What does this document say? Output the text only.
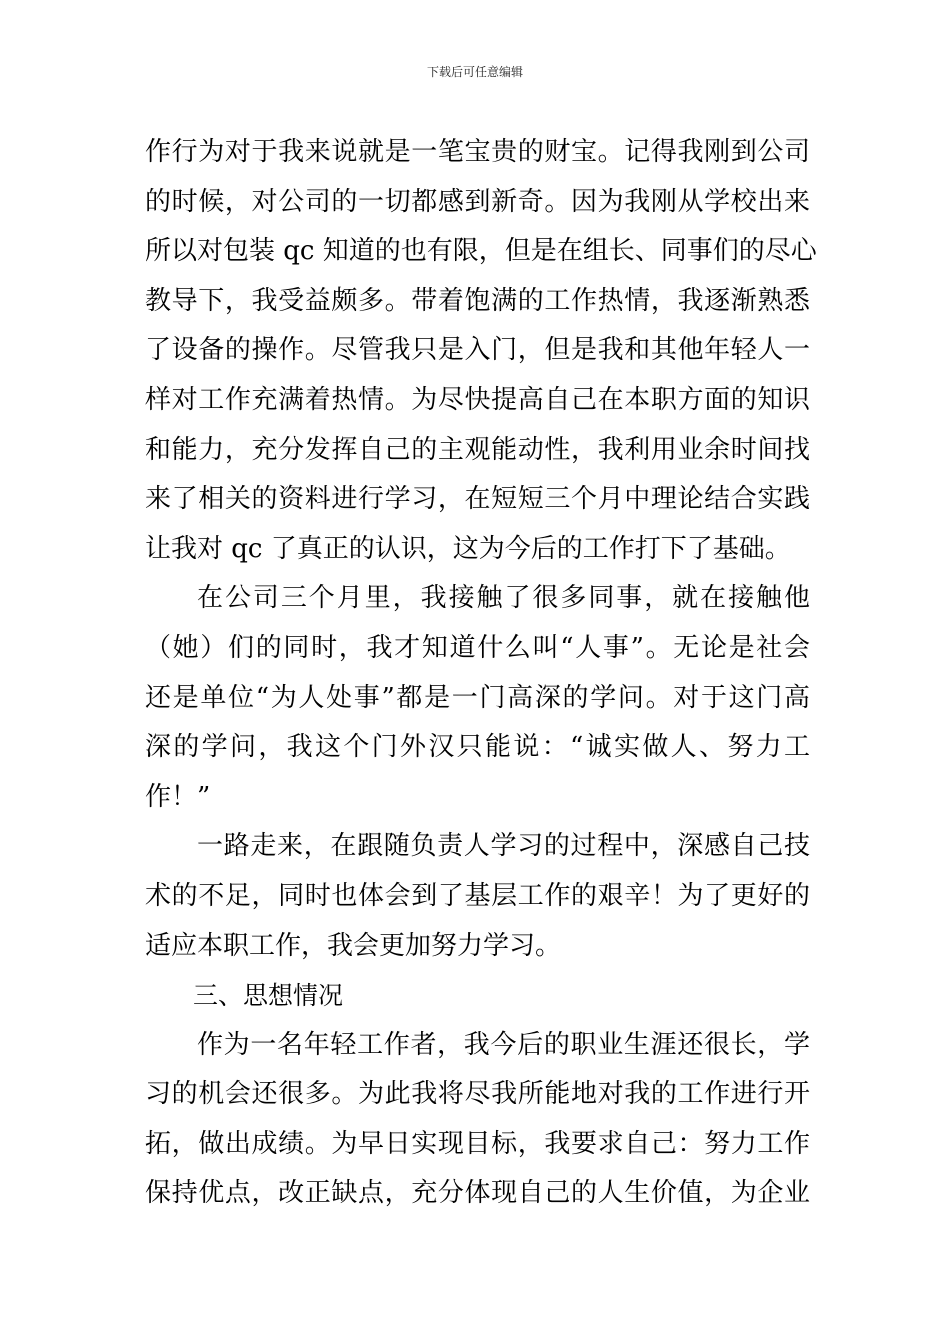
下载后可任意编辑
作行为对于我来说就是一笔宝贵的财宝。记得我刚到公司
的时候，对公司的一切都感到新奇。因为我刚从学校出来
所以对包装 qc 知道的也有限，但是在组长、同事们的尽心
教导下，我受益颇多。带着饱满的工作热情，我逐渐熟悉
了设备的操作。尽管我只是入门，但是我和其他年轻人一
样对工作充满着热情。为尽快提高自己在本职方面的知识
和能力，充分发挥自己的主观能动性，我利用业余时间找
来了相关的资料进行学习，在短短三个月中理论结合实践
让我对 qc 了真正的认识，这为今后的工作打下了基础。
在公司三个月里，我接触了很多同事，就在接触他
（她）们的同时，我才知道什么叫“人事”。无论是社会
还是单位“为人处事”都是一门高深的学问。对于这门高
深的学问，我这个门外汉只能说：“诚实做人、努力工
作！”
一路走来，在跟随负责人学习的过程中，深感自己技
术的不足，同时也体会到了基层工作的艰辛！为了更好的
适应本职工作，我会更加努力学习。
三、思想情况
作为一名年轻工作者，我今后的职业生涯还很长，学
习的机会还很多。为此我将尽我所能地对我的工作进行开
拓，做出成绩。为早日实现目标，我要求自己：努力工作
保持优点，改正缺点，充分体现自己的人生价值，为企业
